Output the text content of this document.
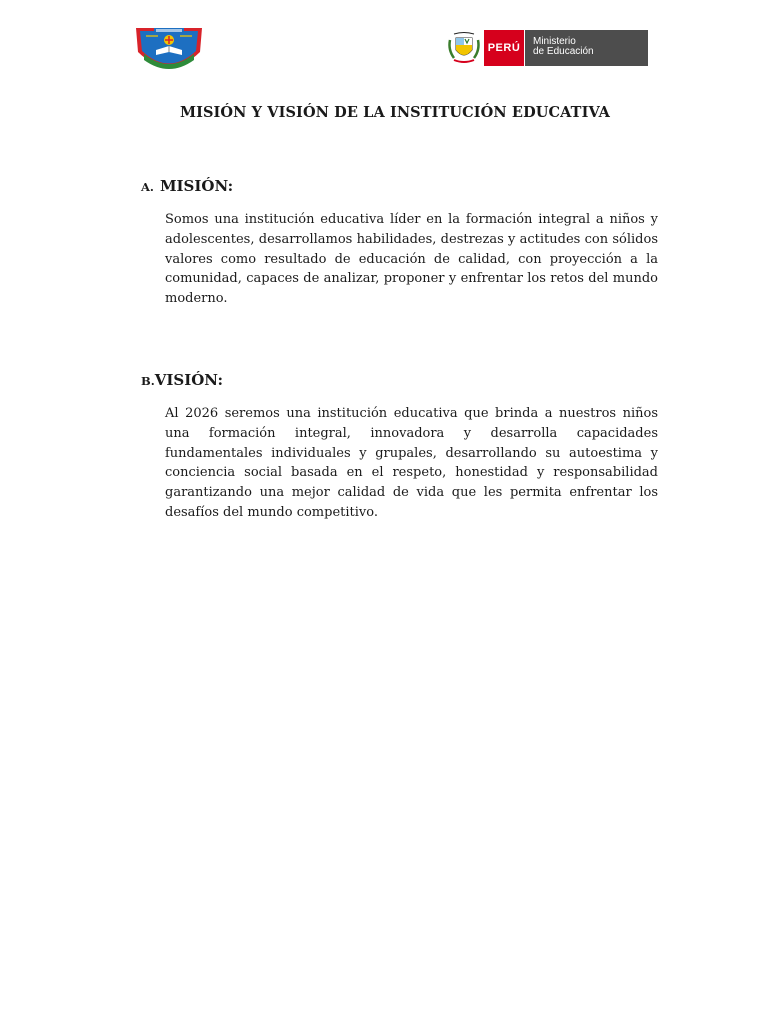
PERÚ
Ministerio
de Educación
MISIÓN Y VISIÓN DE LA INSTITUCIÓN EDUCATIVA
A. MISIÓN:

Somos una institución educativa líder en la formación integral a niños y adolescentes, desarrollamos habilidades, destrezas y actitudes con sólidos valores como resultado de educación de calidad, con proyección a la comunidad, capaces de analizar, proponer y enfrentar los retos del mundo moderno.

B.VISIÓN:

Al 2026 seremos una institución educativa que brinda a nuestros niños una formación integral, innovadora y desarrolla capacidades fundamentales individuales y grupales, desarrollando su autoestima y conciencia social basada en el respeto, honestidad y responsabilidad garantizando una mejor calidad de vida que les permita enfrentar los desafíos del mundo competitivo.
